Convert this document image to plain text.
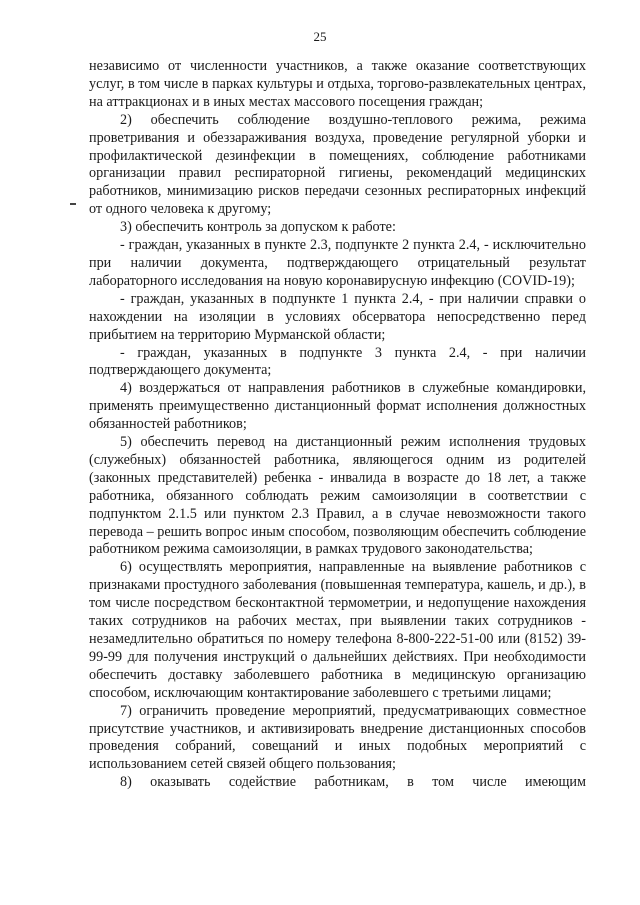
25

независимо от численности участников, а также оказание соответствующих услуг, в том числе в парках культуры и отдыха, торгово-развлекательных центрах, на аттракционах и в иных местах массового посещения граждан;

2) обеспечить соблюдение воздушно-теплового режима, режима проветривания и обеззараживания воздуха, проведение регулярной уборки и профилактической дезинфекции в помещениях, соблюдение работниками организации правил респираторной гигиены, рекомендаций медицинских работников, минимизацию рисков передачи сезонных респираторных инфекций от одного человека к другому;

3) обеспечить контроль за допуском к работе:

- граждан, указанных в пункте 2.3, подпункте 2 пункта 2.4, - исключительно при наличии документа, подтверждающего отрицательный результат лабораторного исследования на новую коронавирусную инфекцию (COVID-19);

- граждан, указанных в подпункте 1 пункта 2.4, - при наличии справки о нахождении на изоляции в условиях обсерватора непосредственно перед прибытием на территорию Мурманской области;

- граждан, указанных в подпункте 3 пункта 2.4, - при наличии подтверждающего документа;

4) воздержаться от направления работников в служебные командировки, применять преимущественно дистанционный формат исполнения должностных обязанностей работников;

5) обеспечить перевод на дистанционный режим исполнения трудовых (служебных) обязанностей работника, являющегося одним из родителей (законных представителей) ребенка - инвалида в возрасте до 18 лет, а также работника, обязанного соблюдать режим самоизоляции в соответствии с подпунктом 2.1.5 или пунктом 2.3 Правил, а в случае невозможности такого перевода – решить вопрос иным способом, позволяющим обеспечить соблюдение работником режима самоизоляции, в рамках трудового законодательства;

6) осуществлять мероприятия, направленные на выявление работников с признаками простудного заболевания (повышенная температура, кашель, и др.), в том числе посредством бесконтактной термометрии, и недопущение нахождения таких сотрудников на рабочих местах, при выявлении таких сотрудников - незамедлительно обратиться по номеру телефона 8-800-222-51-00 или (8152) 39-99-99 для получения инструкций о дальнейших действиях. При необходимости обеспечить доставку заболевшего работника в медицинскую организацию способом, исключающим контактирование заболевшего с третьими лицами;

7) ограничить проведение мероприятий, предусматривающих совместное присутствие участников, и активизировать внедрение дистанционных способов проведения собраний, совещаний и иных подобных мероприятий с использованием сетей связей общего пользования;

8) оказывать содействие работникам, в том числе имеющим
